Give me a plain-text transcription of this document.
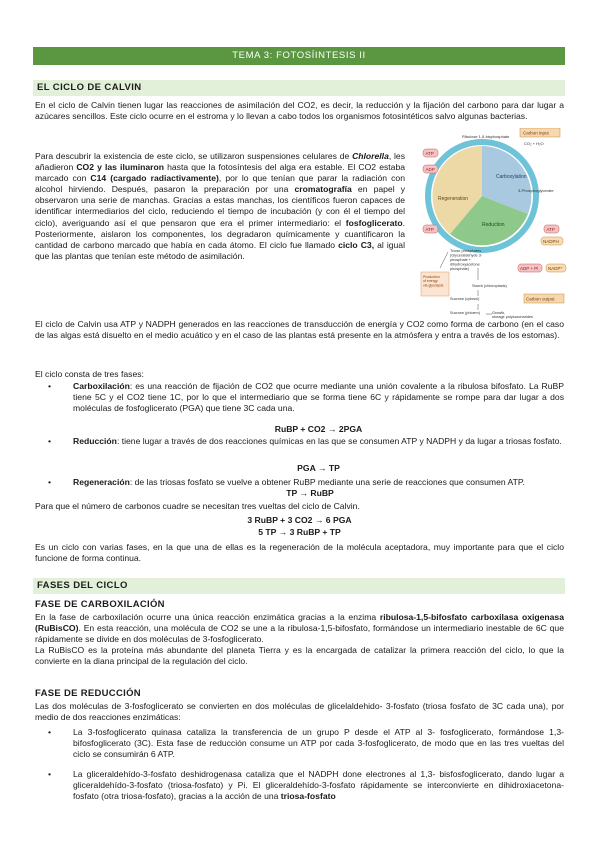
TEMA 3: FOTOSÍINTESIS II
EL CICLO DE CALVIN

En el ciclo de Calvin tienen lugar las reacciones de asimilación del CO2, es decir, la reducción y la fijación del carbono para dar lugar a azúcares sencillos. Este ciclo ocurre en el estroma y lo llevan a cabo todos los organismos fotosintéticos salvo algunas bacterias.

Para descubrir la existencia de este ciclo, se utilizaron suspensiones celulares de Chlorella, les añadieron CO2 y las iluminaron hasta que la fotosíntesis del alga era estable. El CO2 estaba marcado con C14 (cargado radiactivamente), por lo que tenían que parar la radiación con alcohol hirviendo. Después, pasaron la preparación por una cromatografía en papel y observaron una serie de manchas. Gracias a estas manchas, los científicos fueron capaces de identificar intermediarios del ciclo, reduciendo el tiempo de incubación (y con él el tiempo del ciclo), averiguando así el que pensaron que era el primer intermediario: el fosfoglicerato. Posteriormente, aislaron los componentes, los degradaron químicamente y cuantificaron la cantidad de carbono marcado que había en cada átomo. El ciclo fue llamado ciclo C3, al igual que las plantas que tenían este método de asimilación.

Carboxylation
Regeneration
Reduction
Ribulose 1,5-bisphosphate
3-Phosphoglycerate
Carbon input
CO₂ + H₂O
ATP
ADP
ATP	ATP
NADPH
ADP + Pi NADP⁺
Triose phosphates (Glyceraldehyde 3- phosphate + dihydroxyacetone phosphate)
Production of energy via glycolysis	Starch (chloroplasts)
Sucrose (cytosol)	Carbon output
Sucrose (phloem)	Growth, storage polysaccharides

El ciclo de Calvin usa ATP y NADPH generados en las reacciones de transducción de energía y CO2 como forma de carbono (en el caso de las algas está disuelto en el medio acuático y en el caso de las plantas está presente en la atmósfera y entra a través de los estomas).

El ciclo consta de tres fases:

•	Carboxilación: es una reacción de fijación de CO2 que ocurre mediante una unión covalente a la ribulosa bifosfato. La RuBP tiene 5C y el CO2 tiene 1C, por lo que el intermediario que se forma tiene 6C y rápidamente se rompe para dar lugar a dos moléculas de fosfoglicerato (PGA) que tiene 3C cada una.

RuBP + CO2 → 2PGA
•	Reducción: tiene lugar a través de dos reacciones químicas en las que se consumen ATP y NADPH y da lugar a triosas fosfato.

PGA → TP
•	Regeneración: de las triosas fosfato se vuelve a obtener RuBP mediante una serie de reacciones que consumen ATP.

TP → RuBP

Para que el número de carbonos cuadre se necesitan tres vueltas del ciclo de Calvin.

3 RuBP + 3 CO2 → 6 PGA
5 TP → 3 RuBP + TP

Es un ciclo con varias fases, en la que una de ellas es la regeneración de la molécula aceptadora, muy importante para que el ciclo funcione de forma continua.

FASES DEL CICLO
FASE DE CARBOXILACIÓN

En la fase de carboxilación ocurre una única reacción enzimática gracias a la enzima ribulosa-1,5-bifosfato carboxilasa oxigenasa (RuBisCO). En esta reacción, una molécula de CO2 se une a la ribulosa-1,5-bifosfato, formándose un intermediario inestable de 6C que rápidamente se divide en dos moléculas de 3-fosfoglicerato.

La RuBisCO es la proteína más abundante del planeta Tierra y es la encargada de catalizar la primera reacción del ciclo, lo que la convierte en la diana principal de la regulación del ciclo.

FASE DE REDUCCIÓN

Las dos moléculas de 3-fosfoglicerato se convierten en dos moléculas de glicelaldehido- 3-fosfato (triosa fosfato de 3C cada una), por medio de dos reacciones enzimáticas:

•	La 3-fosfoglicerato quinasa cataliza la transferencia de un grupo P desde el ATP al 3- fosfoglicerato, formándose 1,3-bifosfoglicerato (3C). Esta fase de reducción consume un ATP por cada 3-fosfoglicerato, de modo que en las tres vueltas del ciclo se consumirán 6 ATP.

•	La gliceraldehído-3-fosfato deshidrogenasa cataliza que el NADPH done electrones al 1,3- bisfosfoglicerato, dando lugar a gliceraldehído-3-fosfato (triosa-fosfato) y Pi. El gliceraldehído-3-fosfato rápidamente se interconvierte en dihidroxiacetona- fosfato (otra triosa-fosfato), gracias a la acción de una triosa-fosfato
